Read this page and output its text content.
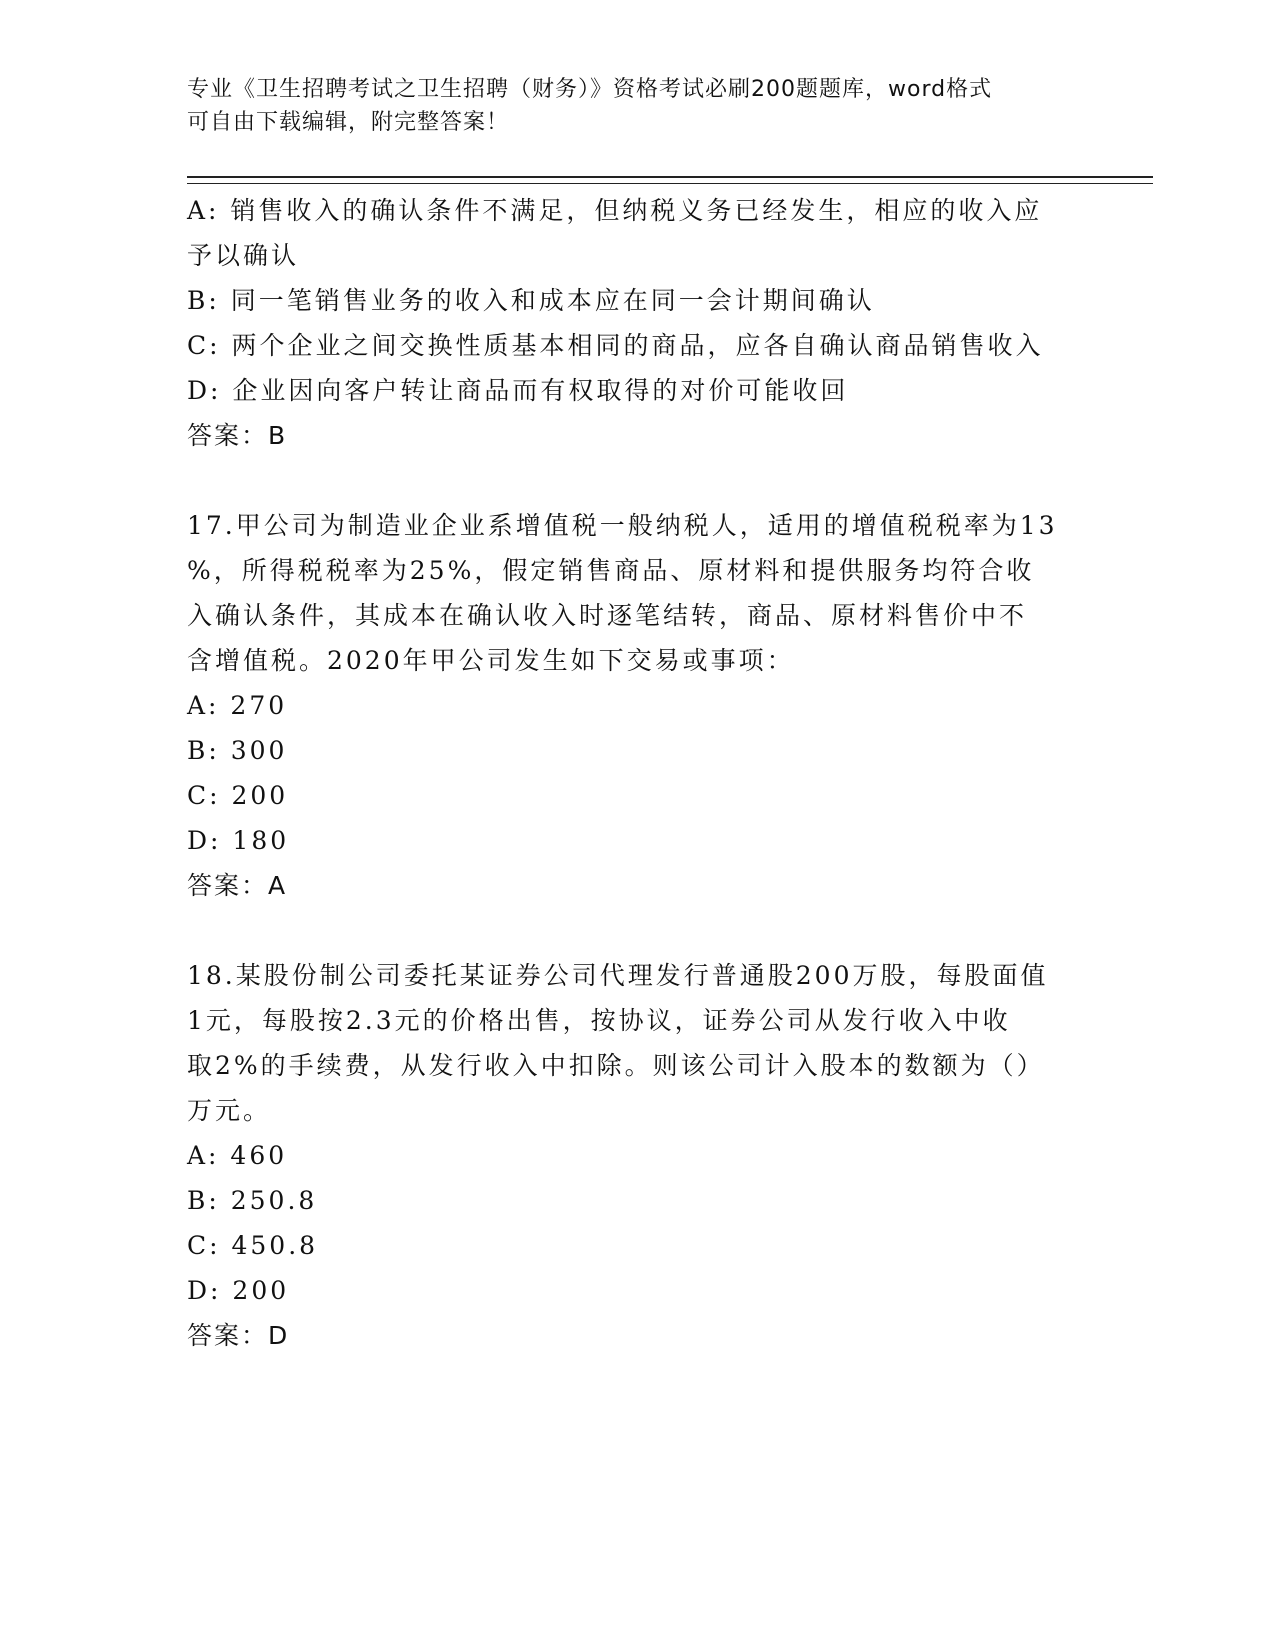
专业《卫生招聘考试之卫生招聘（财务）》资格考试必刷200题题库，word格式
可自由下载编辑，附完整答案！

A: 销售收入的确认条件不满足，但纳税义务已经发生，相应的收入应

予以确认

B: 同一笔销售业务的收入和成本应在同一会计期间确认

C: 两个企业之间交换性质基本相同的商品，应各自确认商品销售收入

D: 企业因向客户转让商品而有权取得的对价可能收回

答案：B

17.甲公司为制造业企业系增值税一般纳税人，适用的增值税税率为13

%，所得税税率为25%，假定销售商品、原材料和提供服务均符合收

入确认条件，其成本在确认收入时逐笔结转，商品、原材料售价中不

含增值税。2020年甲公司发生如下交易或事项：

A: 270

B: 300

C: 200

D: 180

答案：A

18.某股份制公司委托某证券公司代理发行普通股200万股，每股面值

1元，每股按2.3元的价格出售，按协议，证券公司从发行收入中收

取2%的手续费，从发行收入中扣除。则该公司计入股本的数额为（）

万元。

A: 460

B: 250.8

C: 450.8

D: 200

答案：D
